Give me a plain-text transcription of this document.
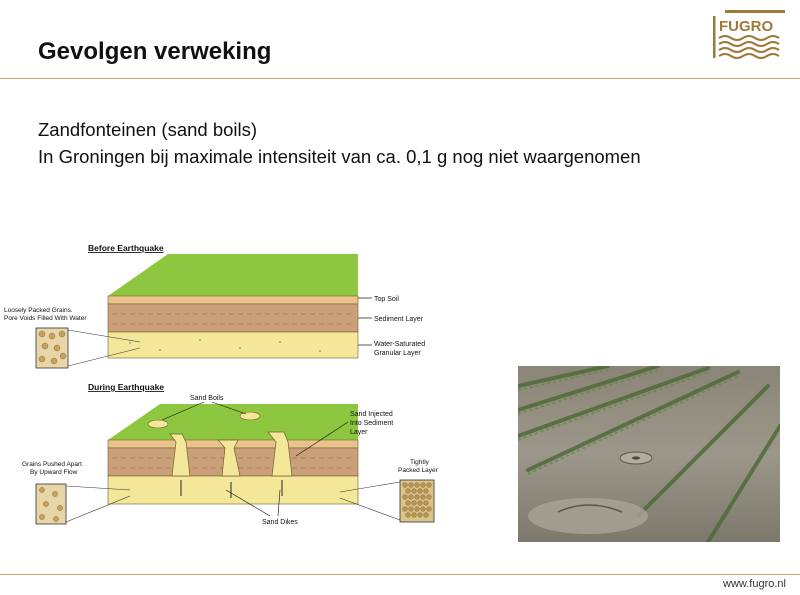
Gevolgen verweking
FUGRO
Zandfonteinen (sand boils)
In Groningen bij maximale intensiteit van ca. 0,1 g nog niet waargenomen
Before Earthquake
Top Soil
Sediment Layer
Water-Saturated
Granular Layer
Loosely Packed Grains.
Pore Voids Filled With Water
During Earthquake
Sand Boils
Sand Injected
Into Sediment
Layer
Grains Pushed Apart
By Upward Flow
Tightly
Packed Layer
Sand Dikes
www.fugro.nl
